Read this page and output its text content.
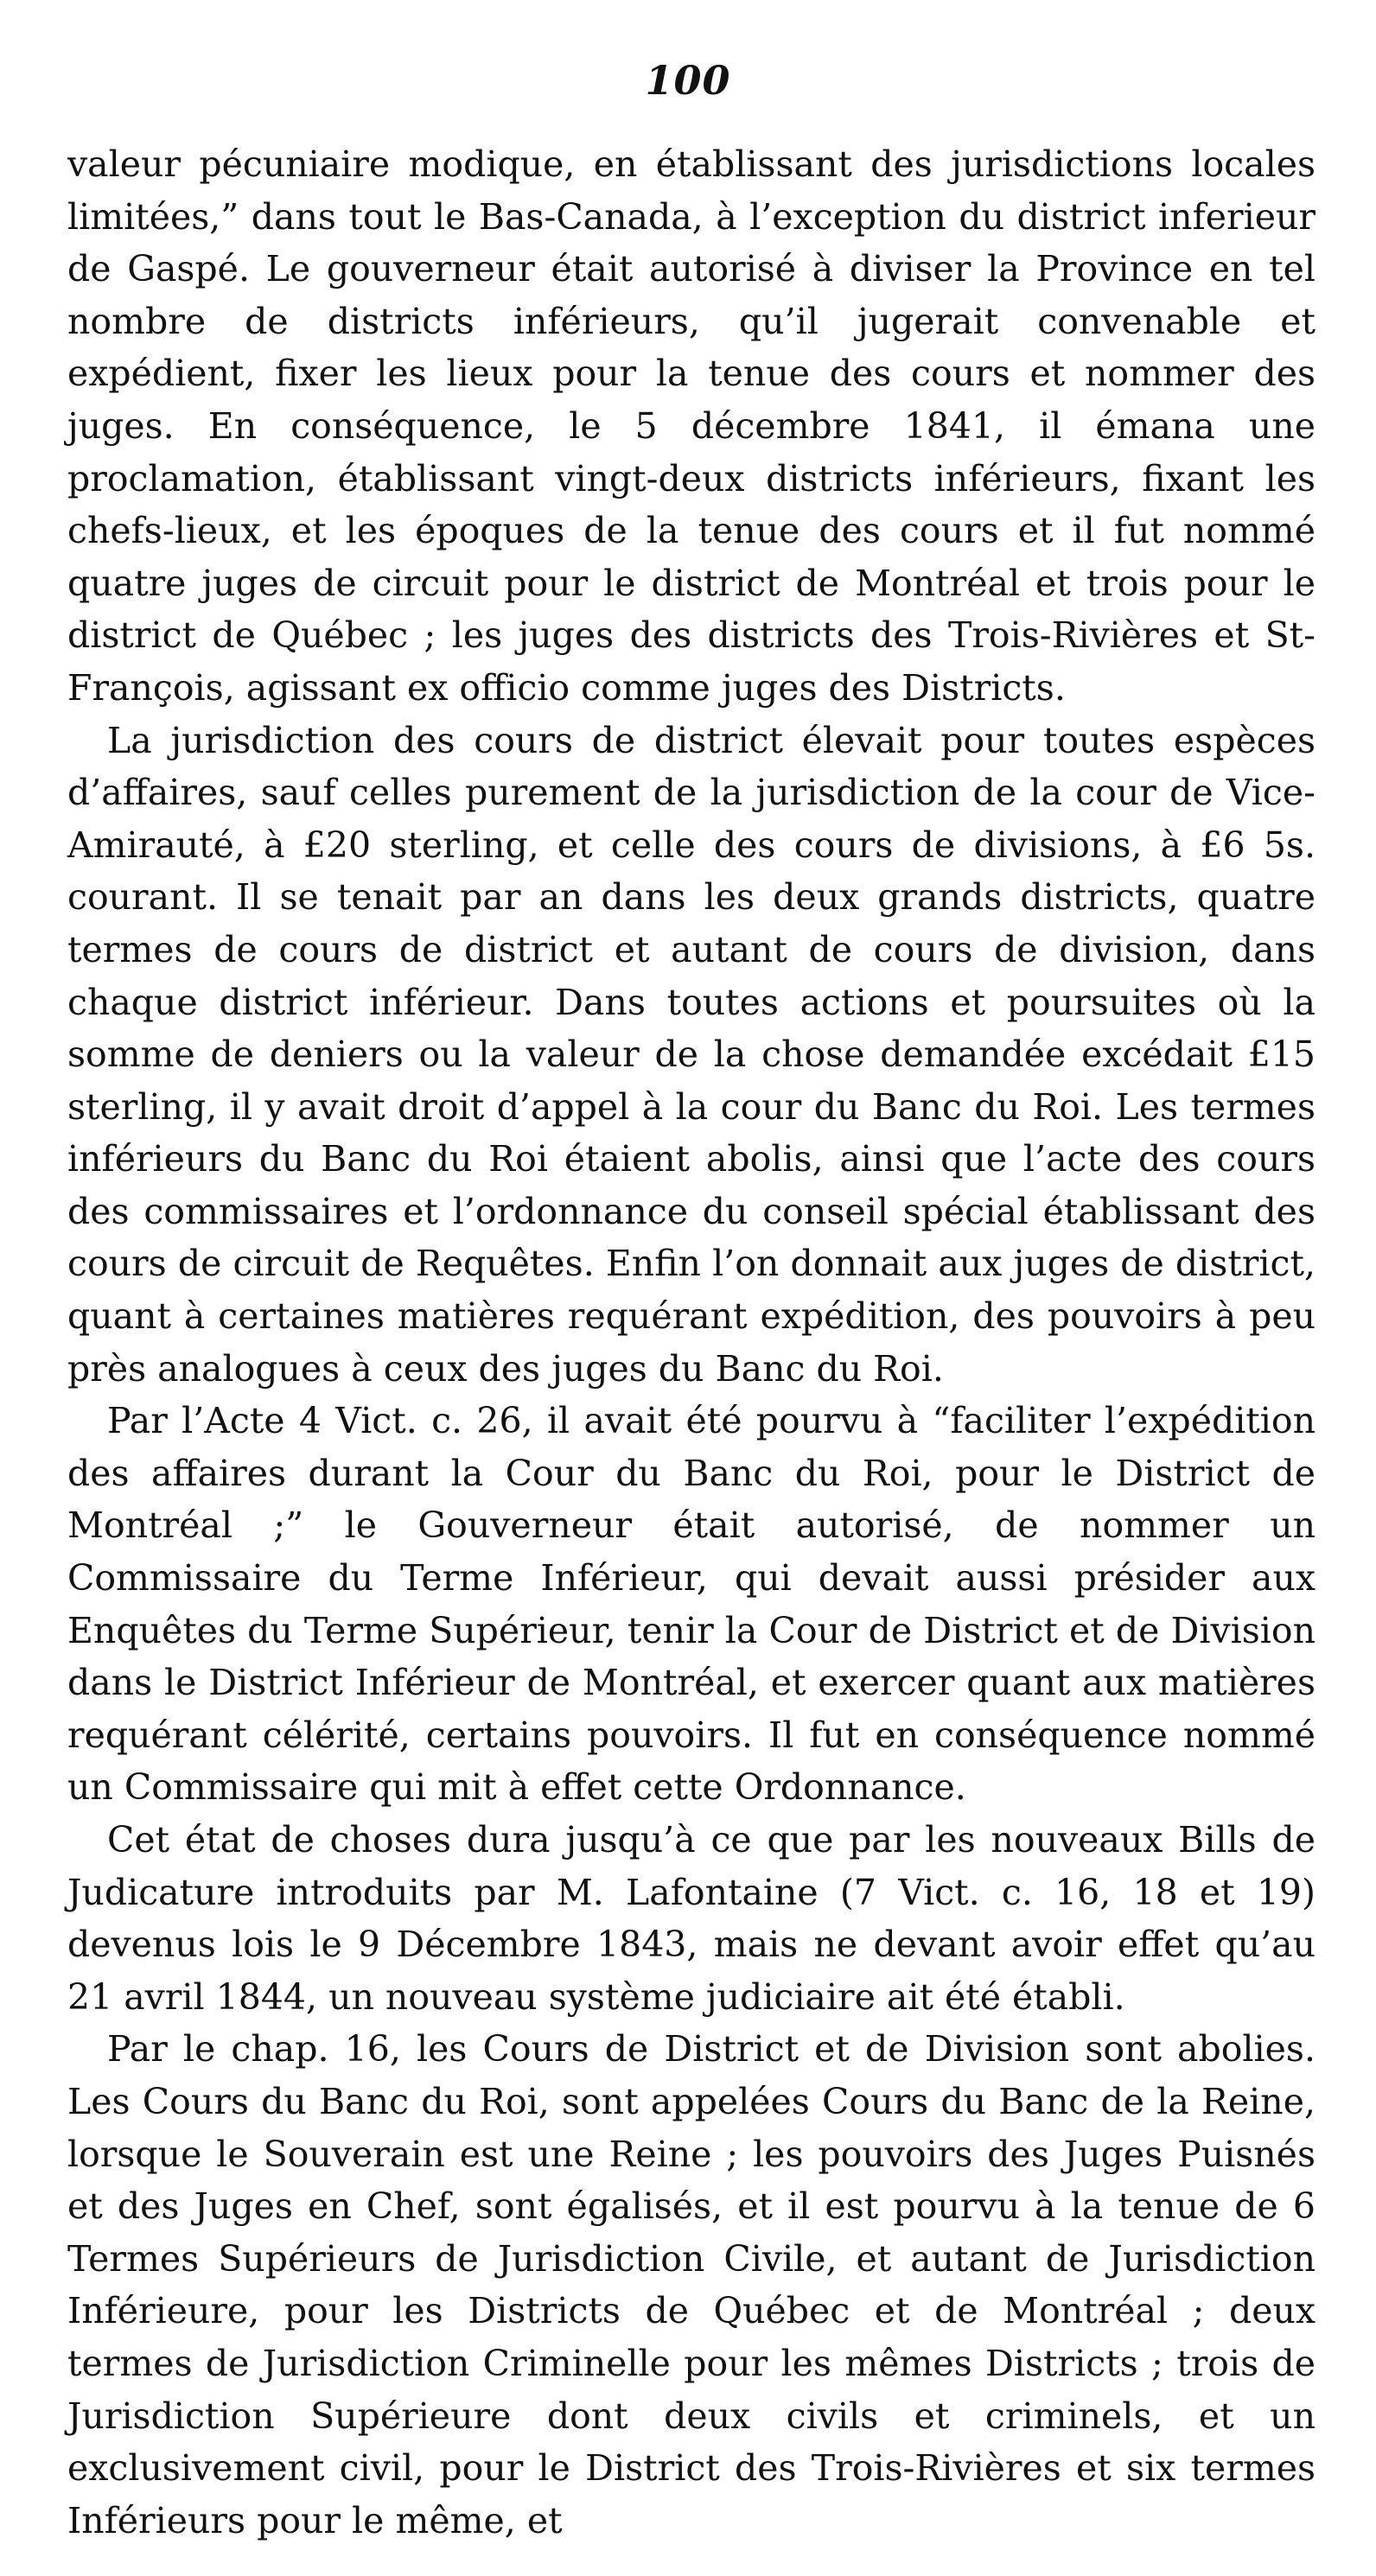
100

valeur pécuniaire modique, en établissant des jurisdictions locales limitées,” dans tout le Bas-Canada, à l’exception du district inferieur de Gaspé. Le gouverneur était autorisé à diviser la Province en tel nombre de districts inférieurs, qu’il jugerait convenable et expédient, fixer les lieux pour la tenue des cours et nommer des juges. En conséquence, le 5 décembre 1841, il émana une proclamation, établissant vingt-deux districts inférieurs, fixant les chefs-lieux, et les époques de la tenue des cours et il fut nommé quatre juges de circuit pour le district de Montréal et trois pour le district de Québec ; les juges des districts des Trois-Rivières et St-François, agissant ex officio comme juges des Districts.

La jurisdiction des cours de district élevait pour toutes espèces d’affaires, sauf celles purement de la jurisdiction de la cour de Vice-Amirauté, à £20 sterling, et celle des cours de divisions, à £6 5s. courant. Il se tenait par an dans les deux grands districts, quatre termes de cours de district et autant de cours de division, dans chaque district inférieur. Dans toutes actions et poursuites où la somme de deniers ou la valeur de la chose demandée excédait £15 sterling, il y avait droit d’appel à la cour du Banc du Roi. Les termes inférieurs du Banc du Roi étaient abolis, ainsi que l’acte des cours des commissaires et l’ordonnance du conseil spécial établissant des cours de circuit de Requêtes. Enfin l’on donnait aux juges de district, quant à certaines matières requérant expédition, des pouvoirs à peu près analogues à ceux des juges du Banc du Roi.

Par l’Acte 4 Vict. c. 26, il avait été pourvu à “faciliter l’expédition des affaires durant la Cour du Banc du Roi, pour le District de Montréal ;” le Gouverneur était autorisé, de nommer un Commissaire du Terme Inférieur, qui devait aussi présider aux Enquêtes du Terme Supérieur, tenir la Cour de District et de Division dans le District Inférieur de Montréal, et exercer quant aux matières requérant célérité, certains pouvoirs. Il fut en conséquence nommé un Commissaire qui mit à effet cette Ordonnance.

Cet état de choses dura jusqu’à ce que par les nouveaux Bills de Judicature introduits par M. Lafontaine (7 Vict. c. 16, 18 et 19) devenus lois le 9 Décembre 1843, mais ne devant avoir effet qu’au 21 avril 1844, un nouveau système judiciaire ait été établi.

Par le chap. 16, les Cours de District et de Division sont abolies. Les Cours du Banc du Roi, sont appelées Cours du Banc de la Reine, lorsque le Souverain est une Reine ; les pouvoirs des Juges Puisnés et des Juges en Chef, sont égalisés, et il est pourvu à la tenue de 6 Termes Supérieurs de Jurisdiction Civile, et autant de Jurisdiction Inférieure, pour les Districts de Québec et de Montréal ; deux termes de Jurisdiction Criminelle pour les mêmes Districts ; trois de Jurisdiction Supérieure dont deux civils et criminels, et un exclusivement civil, pour le District des Trois-Rivières et six termes Inférieurs pour le même, et
